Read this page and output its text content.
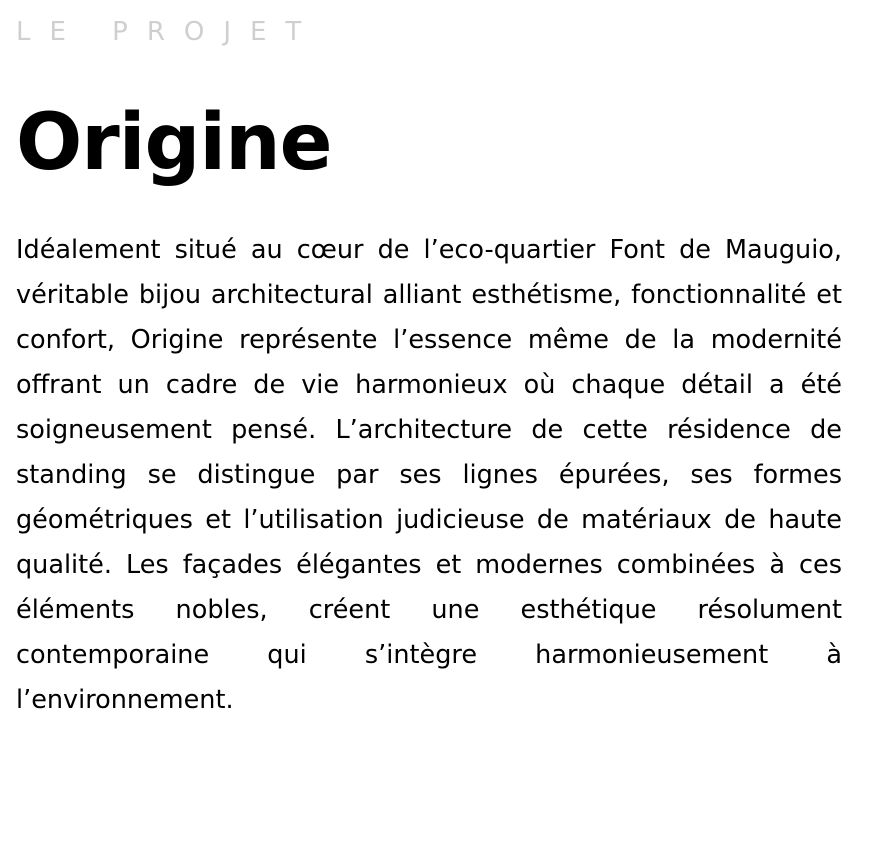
LE PROJET
Origine

Idéalement situé au cœur de l’eco-quartier Font de Mauguio, véritable bijou architectural alliant esthétisme, fonctionnalité et confort, Origine représente l’essence même de la modernité offrant un cadre de vie harmonieux où chaque détail a été soigneusement pensé. L’architecture de cette résidence de standing se distingue par ses lignes épurées, ses formes géométriques et l’utilisation judicieuse de matériaux de haute qualité. Les façades élégantes et modernes combinées à ces éléments nobles, créent une esthétique résolument contemporaine qui s’intègre harmonieusement à l’environnement.
